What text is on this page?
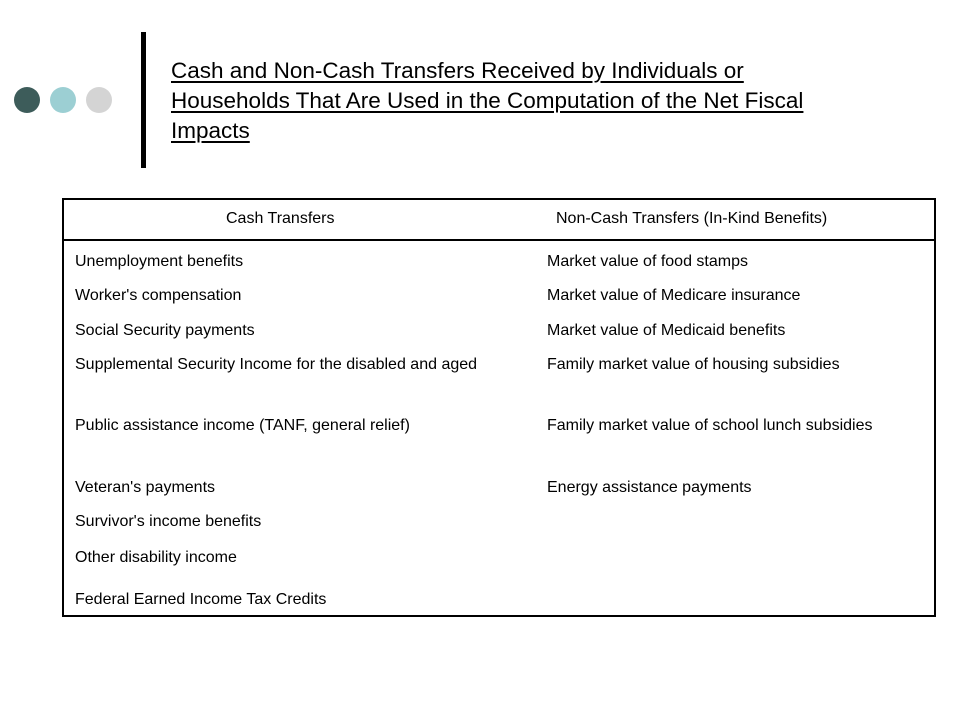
Cash and Non-Cash Transfers Received by Individuals or Households That Are Used in the Computation of the Net Fiscal Impacts
Cash Transfers	Non-Cash Transfers (In-Kind Benefits)
Unemployment benefits	Market value of food stamps
Worker's compensation	Market value of Medicare insurance
Social Security payments	Market value of Medicaid benefits
Supplemental Security Income for the disabled and aged	Family market value of housing subsidies
Public assistance income (TANF, general relief)	Family market value of school lunch subsidies
Veteran's payments	Energy assistance payments
Survivor's income benefits
Other disability income
Federal Earned Income Tax Credits
